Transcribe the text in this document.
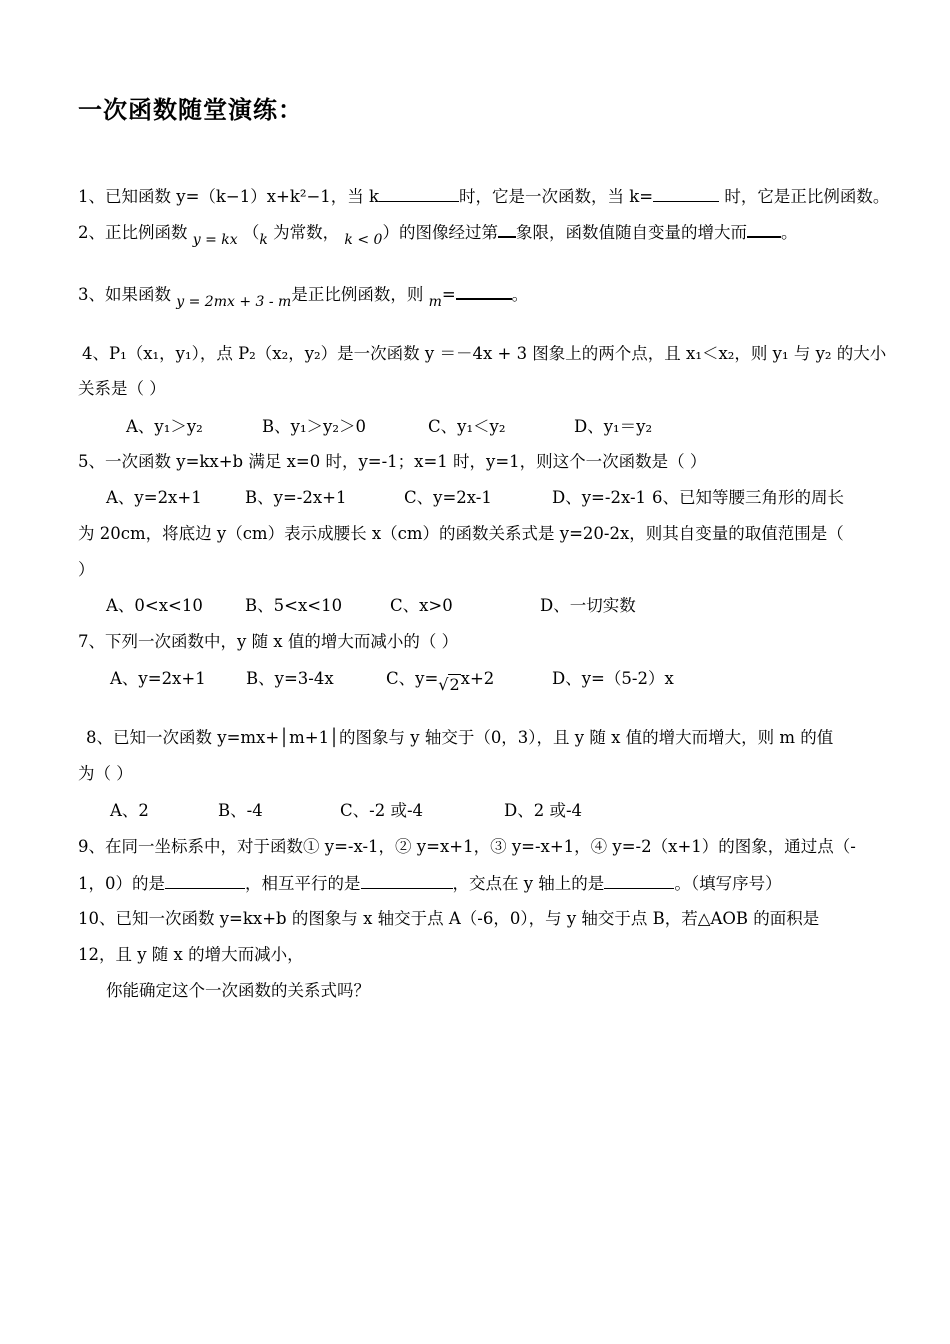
一次函数随堂演练：
1、已知函数 y=（k−1）x+k²−1，当 k	时，它是一次函数，当 k=	时，它是正比例函数。
2、正比例函数 $_{y = kx}$ （$_k$ 为常数， $_{k < 0}$）的图像经过第 象限，函数值随自变量的增大而 。
3、如果函数 $_{y = 2mx + 3 - m}$是正比例函数，则 $_m$=	。
4、P₁（x₁，y₁），点 P₂（x₂，y₂）是一次函数 y ＝－4x + 3 图象上的两个点，且 x₁＜x₂，则 y₁ 与 y₂ 的大小
关系是（ ）
A、y₁＞y₂	B、y₁＞y₂＞0	C、y₁＜y₂	D、y₁＝y₂
5、一次函数 y=kx+b 满足 x=0 时，y=-1；x=1 时，y=1，则这个一次函数是（ ）
A、y=2x+1	B、y=-2x+1	C、y=2x-1	D、y=-2x-1 6、已知等腰三角形的周长
为 20cm，将底边 y（cm）表示成腰长 x（cm）的函数关系式是 y=20-2x，则其自变量的取值范围是（
）
A、0<x<10	B、5<x<10	C、x>0	D、一切实数
7、下列一次函数中，y 随 x 值的增大而减小的（ ）
A、y=2x+1 B、y=3-4x	C、y=√2x+2	D、y=（5-2）x
8、已知一次函数 y=mx+│m+1│的图象与 y 轴交于（0，3），且 y 随 x 值的增大而增大，则 m 的值
为（ ）
A、2	B、-4	C、-2 或-4	D、2 或-4
9、在同一坐标系中，对于函数① y=-x-1，② y=x+1，③ y=-x+1，④ y=-2（x+1）的图象，通过点（-
1，0）的是	，相互平行的是	，交点在 y 轴上的是	。（填写序号）
10、已知一次函数 y=kx+b 的图象与 x 轴交于点 A（-6，0），与 y 轴交于点 B，若△AOB 的面积是
12，且 y 随 x 的增大而减小，
你能确定这个一次函数的关系式吗？
